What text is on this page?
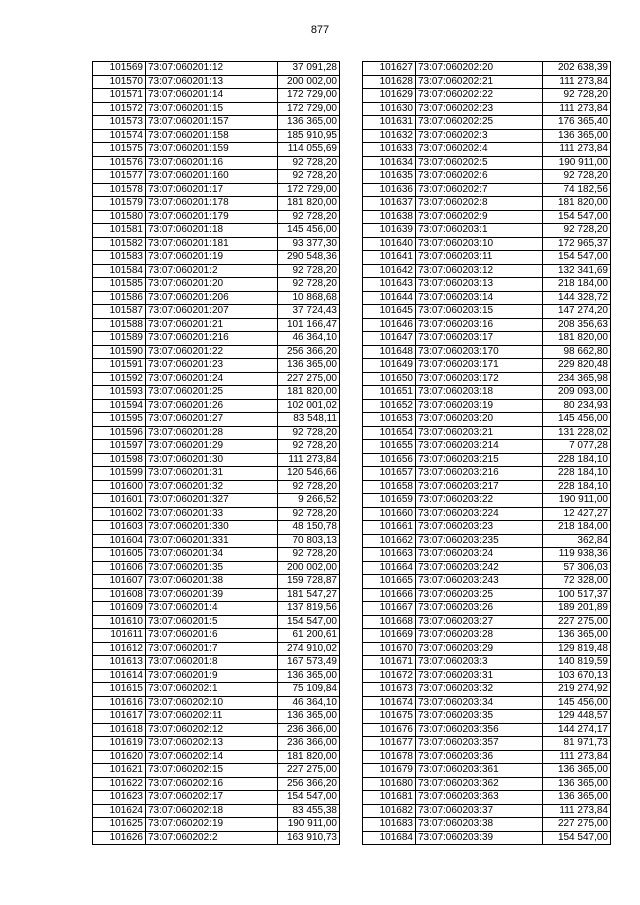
877
101569	73:07:060201:12	37 091,28
101570	73:07:060201:13	200 002,00
101571	73:07:060201:14	172 729,00
101572	73:07:060201:15	172 729,00
101573	73:07:060201:157	136 365,00
101574	73:07:060201:158	185 910,95
101575	73:07:060201:159	114 055,69
101576	73:07:060201:16	92 728,20
101577	73:07:060201:160	92 728,20
101578	73:07:060201:17	172 729,00
101579	73:07:060201:178	181 820,00
101580	73:07:060201:179	92 728,20
101581	73:07:060201:18	145 456,00
101582	73:07:060201:181	93 377,30
101583	73:07:060201:19	290 548,36
101584	73:07:060201:2	92 728,20
101585	73:07:060201:20	92 728,20
101586	73:07:060201:206	10 868,68
101587	73:07:060201:207	37 724,43
101588	73:07:060201:21	101 166,47
101589	73:07:060201:216	46 364,10
101590	73:07:060201:22	256 366,20
101591	73:07:060201:23	136 365,00
101592	73:07:060201:24	227 275,00
101593	73:07:060201:25	181 820,00
101594	73:07:060201:26	102 001,02
101595	73:07:060201:27	83 548,11
101596	73:07:060201:28	92 728,20
101597	73:07:060201:29	92 728,20
101598	73:07:060201:30	111 273,84
101599	73:07:060201:31	120 546,66
101600	73:07:060201:32	92 728,20
101601	73:07:060201:327	9 266,52
101602	73:07:060201:33	92 728,20
101603	73:07:060201:330	48 150,78
101604	73:07:060201:331	70 803,13
101605	73:07:060201:34	92 728,20
101606	73:07:060201:35	200 002,00
101607	73:07:060201:38	159 728,87
101608	73:07:060201:39	181 547,27
101609	73:07:060201:4	137 819,56
101610	73:07:060201:5	154 547,00
101611	73:07:060201:6	61 200,61
101612	73:07:060201:7	274 910,02
101613	73:07:060201:8	167 573,49
101614	73:07:060201:9	136 365,00
101615	73:07:060202:1	75 109,84
101616	73:07:060202:10	46 364,10
101617	73:07:060202:11	136 365,00
101618	73:07:060202:12	236 366,00
101619	73:07:060202:13	236 366,00
101620	73:07:060202:14	181 820,00
101621	73:07:060202:15	227 275,00
101622	73:07:060202:16	256 366,20
101623	73:07:060202:17	154 547,00
101624	73:07:060202:18	83 455,38
101625	73:07:060202:19	190 911,00
101626	73:07:060202:2	163 910,73
101627	73:07:060202:20	202 638,39
101628	73:07:060202:21	111 273,84
101629	73:07:060202:22	92 728,20
101630	73:07:060202:23	111 273,84
101631	73:07:060202:25	176 365,40
101632	73:07:060202:3	136 365,00
101633	73:07:060202:4	111 273,84
101634	73:07:060202:5	190 911,00
101635	73:07:060202:6	92 728,20
101636	73:07:060202:7	74 182,56
101637	73:07:060202:8	181 820,00
101638	73:07:060202:9	154 547,00
101639	73:07:060203:1	92 728,20
101640	73:07:060203:10	172 965,37
101641	73:07:060203:11	154 547,00
101642	73:07:060203:12	132 341,69
101643	73:07:060203:13	218 184,00
101644	73:07:060203:14	144 328,72
101645	73:07:060203:15	147 274,20
101646	73:07:060203:16	208 356,63
101647	73:07:060203:17	181 820,00
101648	73:07:060203:170	98 662,80
101649	73:07:060203:171	229 820,48
101650	73:07:060203:172	234 365,98
101651	73:07:060203:18	209 093,00
101652	73:07:060203:19	80 234,93
101653	73:07:060203:20	145 456,00
101654	73:07:060203:21	131 228,02
101655	73:07:060203:214	7 077,28
101656	73:07:060203:215	228 184,10
101657	73:07:060203:216	228 184,10
101658	73:07:060203:217	228 184,10
101659	73:07:060203:22	190 911,00
101660	73:07:060203:224	12 427,27
101661	73:07:060203:23	218 184,00
101662	73:07:060203:235	362,84
101663	73:07:060203:24	119 938,36
101664	73:07:060203:242	57 306,03
101665	73:07:060203:243	72 328,00
101666	73:07:060203:25	100 517,37
101667	73:07:060203:26	189 201,89
101668	73:07:060203:27	227 275,00
101669	73:07:060203:28	136 365,00
101670	73:07:060203:29	129 819,48
101671	73:07:060203:3	140 819,59
101672	73:07:060203:31	103 670,13
101673	73:07:060203:32	219 274,92
101674	73:07:060203:34	145 456,00
101675	73:07:060203:35	129 448,57
101676	73:07:060203:356	144 274,17
101677	73:07:060203:357	81 971,73
101678	73:07:060203:36	111 273,84
101679	73:07:060203:361	136 365,00
101680	73:07:060203:362	136 365,00
101681	73:07:060203:363	136 365,00
101682	73:07:060203:37	111 273,84
101683	73:07:060203:38	227 275,00
101684	73:07:060203:39	154 547,00
